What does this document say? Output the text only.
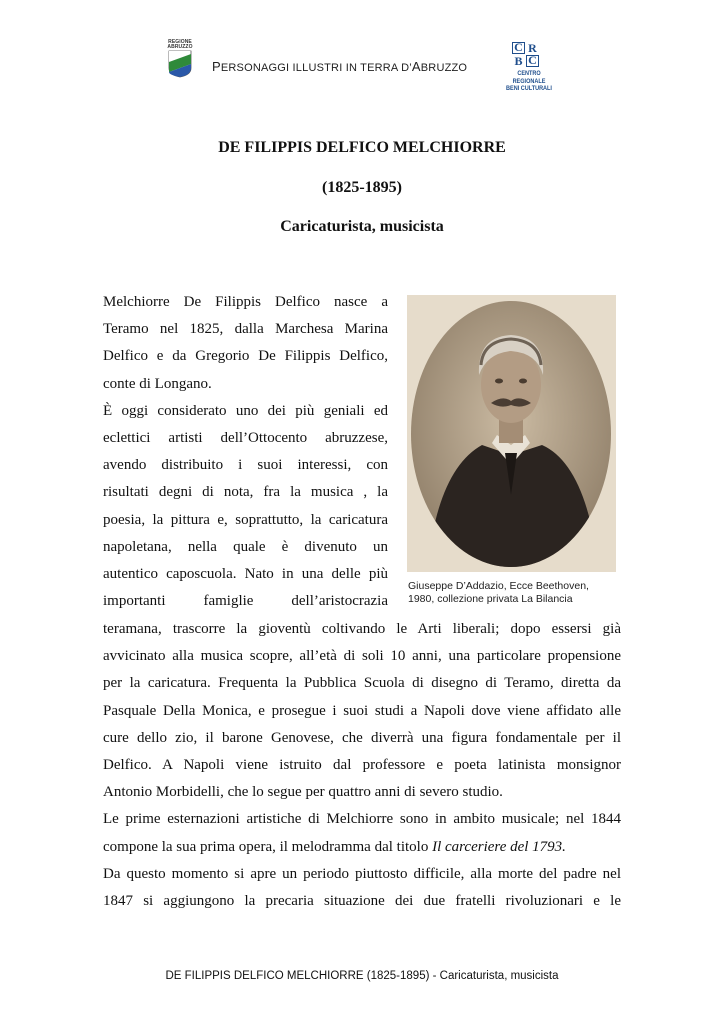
REGIONE ABRUZZO
PERSONAGGI ILLUSTRI IN TERRA D’ABRUZZO
C R
B C
CENTRO REGIONALE
BENI CULTURALI
DE FILIPPIS DELFICO MELCHIORRE
(1825-1895)
Caricaturista, musicista
Melchiorre De Filippis Delfico nasce a
Teramo nel 1825, dalla Marchesa Marina
Delfico e da Gregorio De Filippis Delfico,
conte di Longano.
È oggi considerato uno dei più geniali ed
eclettici artisti dell’Ottocento abruzzese,
avendo distribuito i suoi interessi, con
risultati degni di nota, fra la musica , la
poesia, la pittura e, soprattutto, la caricatura
napoletana, nella quale è divenuto un
autentico caposcuola. Nato in una delle più
importanti famiglie dell’aristocrazia
Giuseppe D’Addazio, Ecce Beethoven,
1980, collezione privata La Bilancia
teramana, trascorre la gioventù coltivando le Arti liberali; dopo essersi già
avvicinato alla musica scopre, all’età di soli 10 anni, una particolare propensione
per la caricatura. Frequenta la Pubblica Scuola di disegno di Teramo, diretta da
Pasquale Della Monica, e prosegue i suoi studi a Napoli dove viene affidato alle
cure dello zio, il barone Genovese, che diverrà una figura fondamentale per il
Delfico. A Napoli viene istruito dal professore e poeta latinista monsignor
Antonio Morbidelli, che lo segue per quattro anni di severo studio.
Le prime esternazioni artistiche di Melchiorre sono in ambito musicale; nel 1844
compone la sua prima opera, il melodramma dal titolo Il carceriere del 1793.
Da questo momento si apre un periodo piuttosto difficile, alla morte del padre nel
1847 si aggiungono la precaria situazione dei due fratelli rivoluzionari e le
DE FILIPPIS DELFICO MELCHIORRE (1825-1895) - Caricaturista, musicista
